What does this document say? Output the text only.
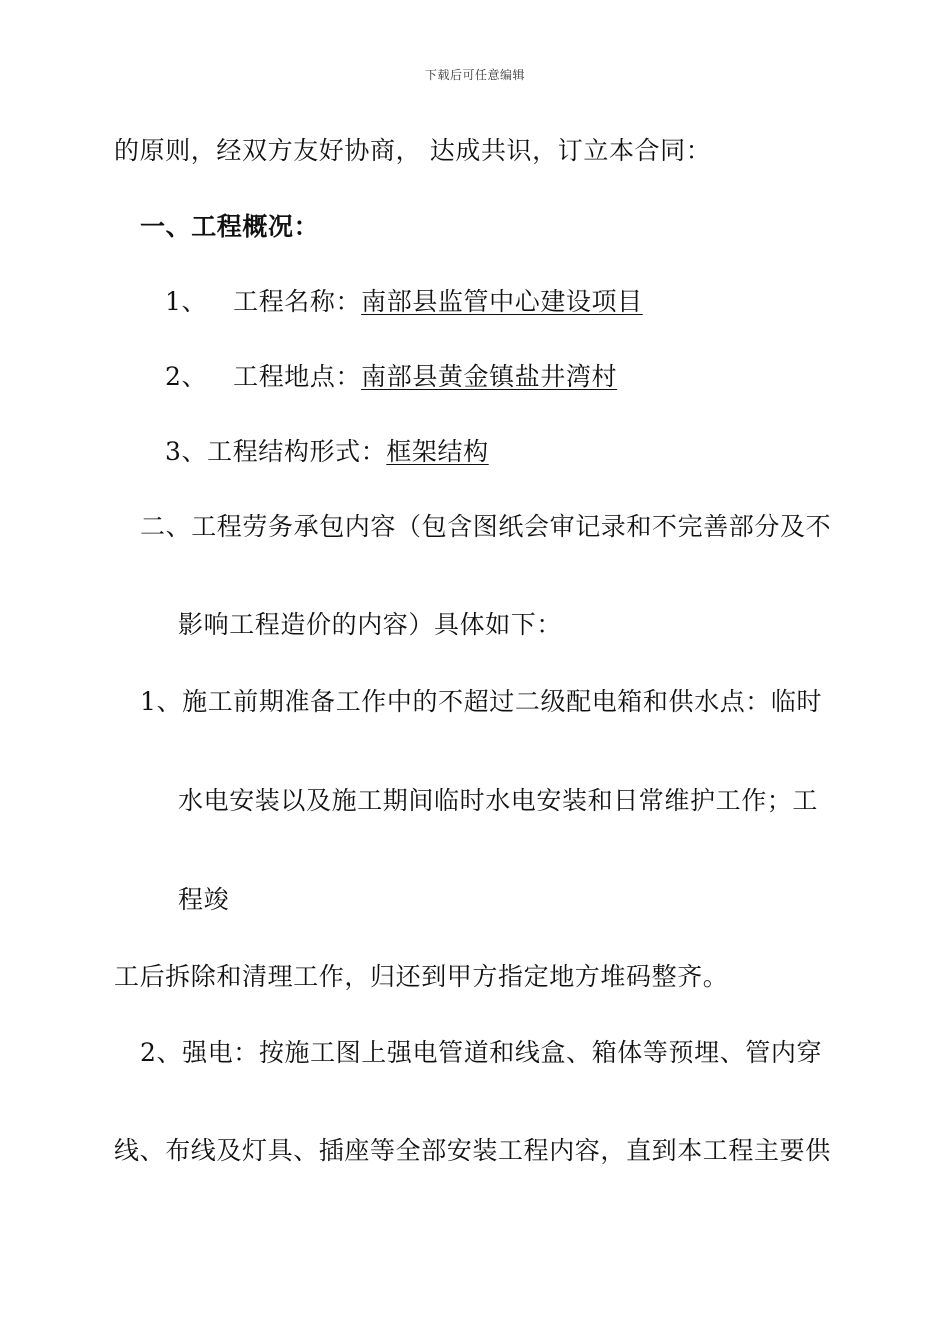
下载后可任意编辑
的原则，经双方友好协商， 达成共识，订立本合同：
一、工程概况：
1、 工程名称：南部县监管中心建设项目
2、 工程地点：南部县黄金镇盐井湾村
3、工程结构形式：框架结构
二、工程劳务承包内容（包含图纸会审记录和不完善部分及不
影响工程造价的内容）具体如下：
1、施工前期准备工作中的不超过二级配电箱和供水点：临时
水电安装以及施工期间临时水电安装和日常维护工作；工
程竣
工后拆除和清理工作，归还到甲方指定地方堆码整齐。
2、强电：按施工图上强电管道和线盒、箱体等预埋、管内穿
线、布线及灯具、插座等全部安装工程内容，直到本工程主要供
